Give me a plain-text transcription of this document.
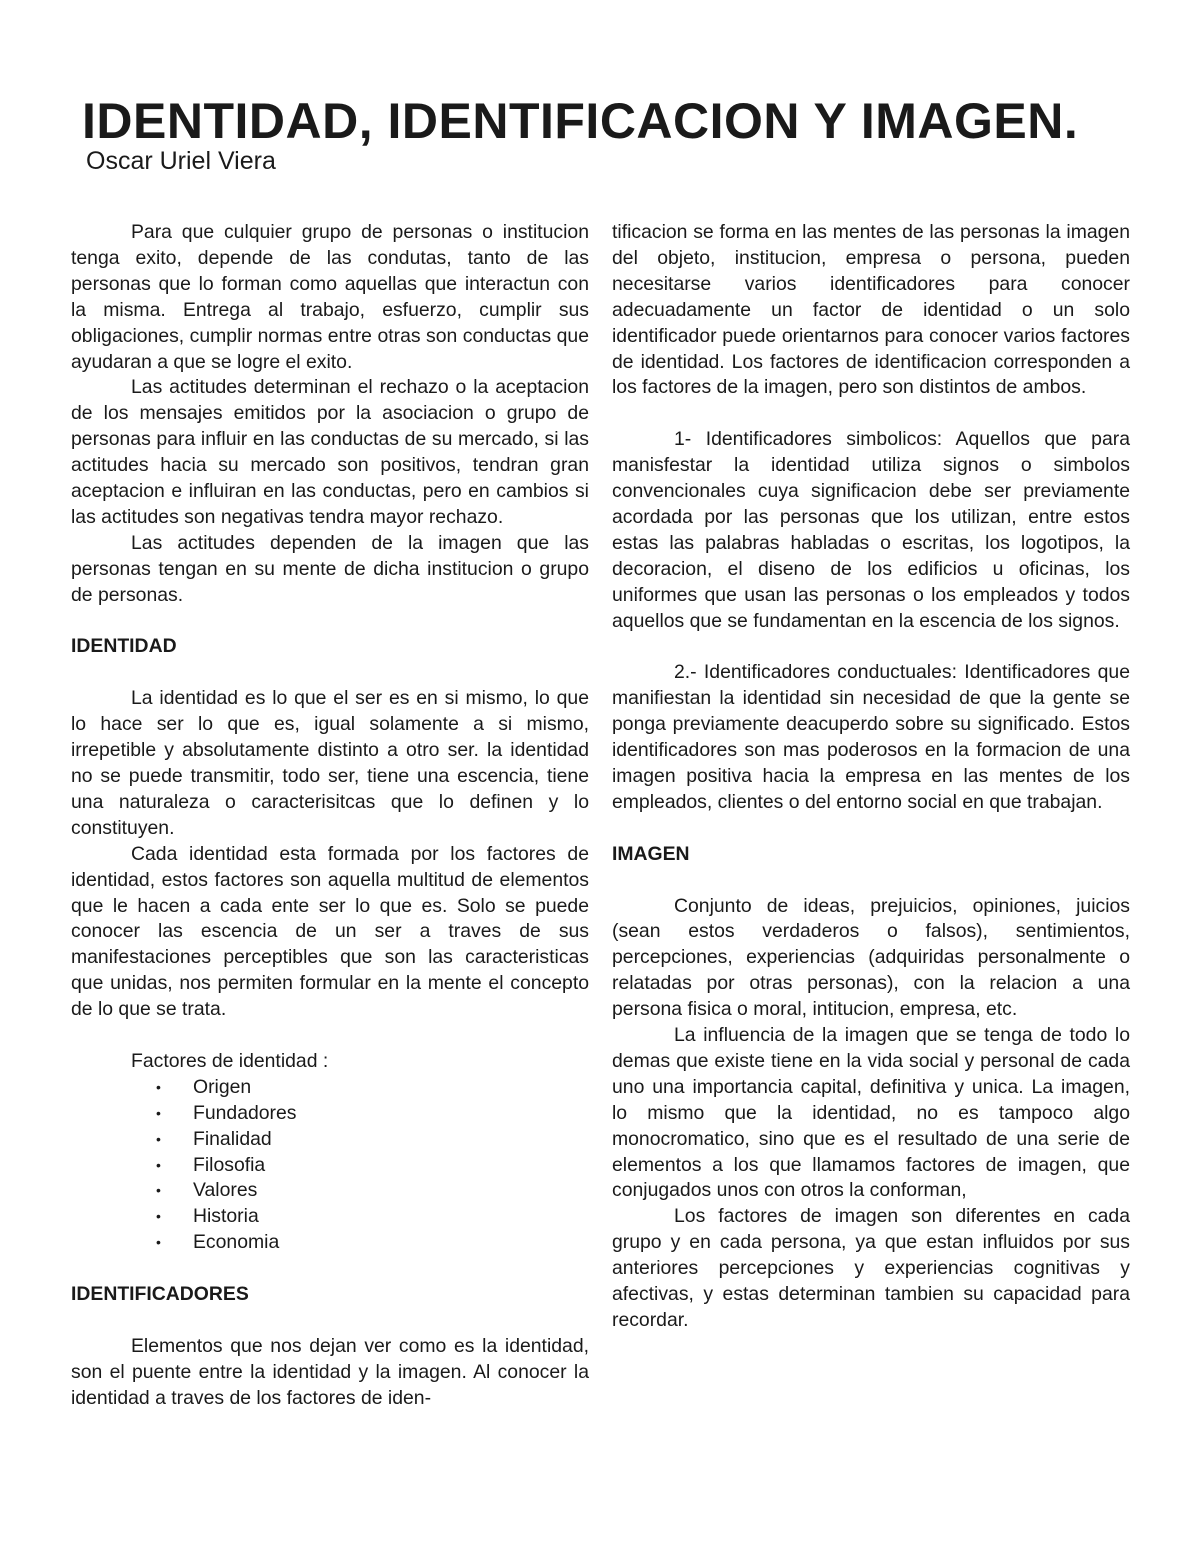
IDENTIDAD, IDENTIFICACION Y IMAGEN.
Oscar Uriel Viera

Para que culquier grupo de personas o institucion tenga exito, depende de las condutas, tanto de las personas que lo forman como aquellas que interactun con la misma. Entrega al trabajo, esfuerzo, cumplir sus obligaciones, cumplir normas entre otras son conductas que ayudaran a que se logre el exito.

Las actitudes determinan el rechazo o la aceptacion de los mensajes emitidos por la asociacion o grupo de personas para influir en las conductas de su mercado, si las actitudes hacia su mercado son positivos, tendran gran aceptacion e influiran en las conductas, pero en cambios si las actitudes son negativas tendra mayor rechazo.

Las actitudes dependen de la imagen que las personas tengan en su mente de dicha institucion o grupo de personas.

IDENTIDAD

La identidad es lo que el ser es en si mismo, lo que lo hace ser lo que es, igual solamente a si mismo, irrepetible y absolutamente distinto a otro ser. la identidad no se puede transmitir, todo ser, tiene una escencia, tiene una naturaleza o caracterisitcas que lo definen y lo constituyen.

Cada identidad esta formada por los factores de identidad, estos factores son aquella multitud de elementos que le hacen a cada ente ser lo que es. Solo se puede conocer las escencia de un ser a traves de sus manifestaciones perceptibles que son las caracteristicas que unidas, nos permiten formular en la mente el concepto de lo que se trata.

Factores de identidad :

• Origen
• Fundadores
• Finalidad
• Filosofia
• Valores
• Historia
• Economia

IDENTIFICADORES

Elementos que nos dejan ver como es la identidad, son el puente entre la identidad y la imagen. Al conocer la identidad a traves de los factores de iden-

tificacion se forma en las mentes de las personas la imagen del objeto, institucion, empresa o persona, pueden necesitarse varios identificadores para conocer adecuadamente un factor de identidad o un solo identificador puede orientarnos para conocer varios factores de identidad. Los factores de identificacion corresponden a los factores de la imagen, pero son distintos de ambos.

1- Identificadores simbolicos: Aquellos que para manisfestar la identidad utiliza signos o simbolos convencionales cuya significacion debe ser previamente acordada por las personas que los utilizan, entre estos estas las palabras habladas o escritas, los logotipos, la decoracion, el diseno de los edificios u oficinas, los uniformes que usan las personas o los empleados y todos aquellos que se fundamentan en la escencia de los signos.

2.- Identificadores conductuales: Identificadores que manifiestan la identidad sin necesidad de que la gente se ponga previamente deacuperdo sobre su significado. Estos identificadores son mas poderosos en la formacion de una imagen positiva hacia la empresa en las mentes de los empleados, clientes o del entorno social en que trabajan.

IMAGEN

Conjunto de ideas, prejuicios, opiniones, juicios (sean estos verdaderos o falsos), sentimientos, percepciones, experiencias (adquiridas personalmente o relatadas por otras personas), con la relacion a una persona fisica o moral, intitucion, empresa, etc.

La influencia de la imagen que se tenga de todo lo demas que existe tiene en la vida social y personal de cada uno una importancia capital, definitiva y unica. La imagen, lo mismo que la identidad, no es tampoco algo monocromatico, sino que es el resultado de una serie de elementos a los que llamamos factores de imagen, que conjugados unos con otros la conforman,

Los factores de imagen son diferentes en cada grupo y en cada persona, ya que estan influidos por sus anteriores percepciones y experiencias cognitivas y afectivas, y estas determinan tambien su capacidad para recordar.
